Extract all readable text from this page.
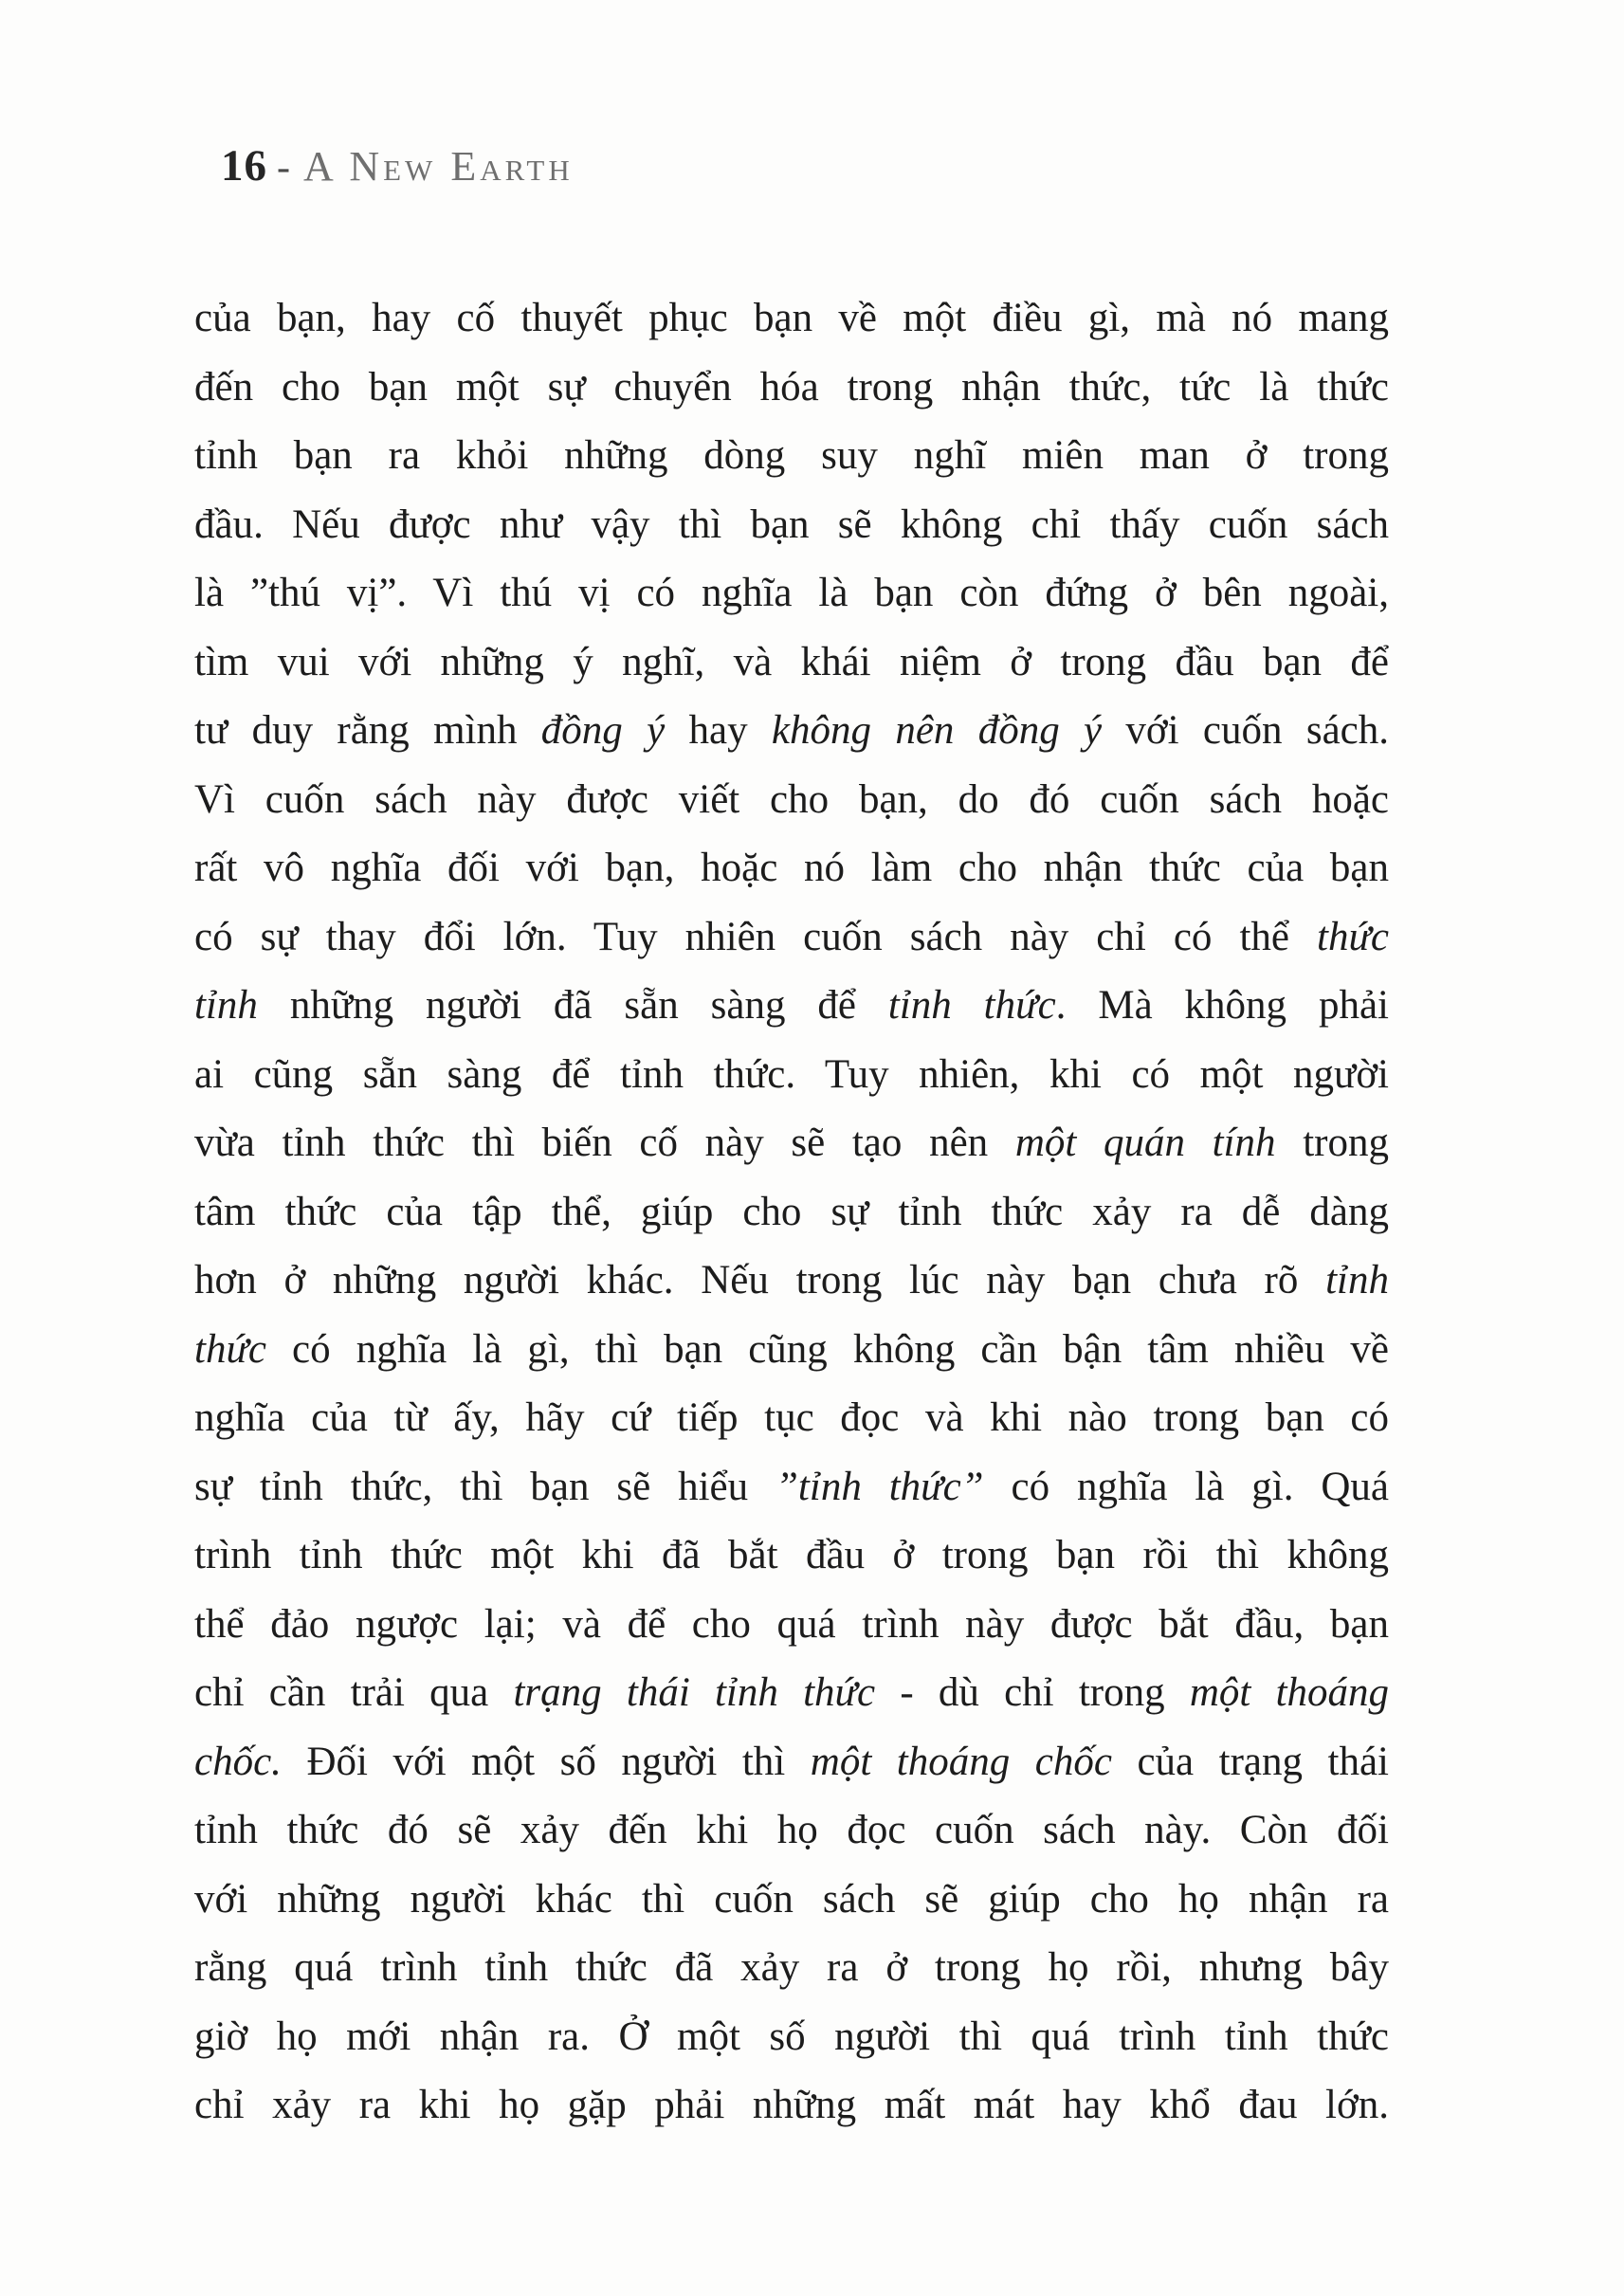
16 - A New Earth
của bạn, hay cố thuyết phục bạn về một điều gì, mà nó mang
đến cho bạn một sự chuyển hóa trong nhận thức, tức là thức
tỉnh bạn ra khỏi những dòng suy nghĩ miên man ở trong
đầu. Nếu được như vậy thì bạn sẽ không chỉ thấy cuốn sách
là ”thú vị”. Vì thú vị có nghĩa là bạn còn đứng ở bên ngoài,
tìm vui với những ý nghĩ, và khái niệm ở trong đầu bạn để
tư duy rằng mình đồng ý hay không nên đồng ý với cuốn sách.
Vì cuốn sách này được viết cho bạn, do đó cuốn sách hoặc
rất vô nghĩa đối với bạn, hoặc nó làm cho nhận thức của bạn
có sự thay đổi lớn. Tuy nhiên cuốn sách này chỉ có thể thức
tỉnh những người đã sẵn sàng để tỉnh thức. Mà không phải
ai cũng sẵn sàng để tỉnh thức. Tuy nhiên, khi có một người
vừa tỉnh thức thì biến cố này sẽ tạo nên một quán tính trong
tâm thức của tập thể, giúp cho sự tỉnh thức xảy ra dễ dàng
hơn ở những người khác. Nếu trong lúc này bạn chưa rõ tỉnh
thức có nghĩa là gì, thì bạn cũng không cần bận tâm nhiều về
nghĩa của từ ấy, hãy cứ tiếp tục đọc và khi nào trong bạn có
sự tỉnh thức, thì bạn sẽ hiểu ”tỉnh thức” có nghĩa là gì. Quá
trình tỉnh thức một khi đã bắt đầu ở trong bạn rồi thì không
thể đảo ngược lại; và để cho quá trình này được bắt đầu, bạn
chỉ cần trải qua trạng thái tỉnh thức - dù chỉ trong một thoáng
chốc. Đối với một số người thì một thoáng chốc của trạng thái
tỉnh thức đó sẽ xảy đến khi họ đọc cuốn sách này. Còn đối
với những người khác thì cuốn sách sẽ giúp cho họ nhận ra
rằng quá trình tỉnh thức đã xảy ra ở trong họ rồi, nhưng bây
giờ họ mới nhận ra. Ở một số người thì quá trình tỉnh thức
chỉ xảy ra khi họ gặp phải những mất mát hay khổ đau lớn.
